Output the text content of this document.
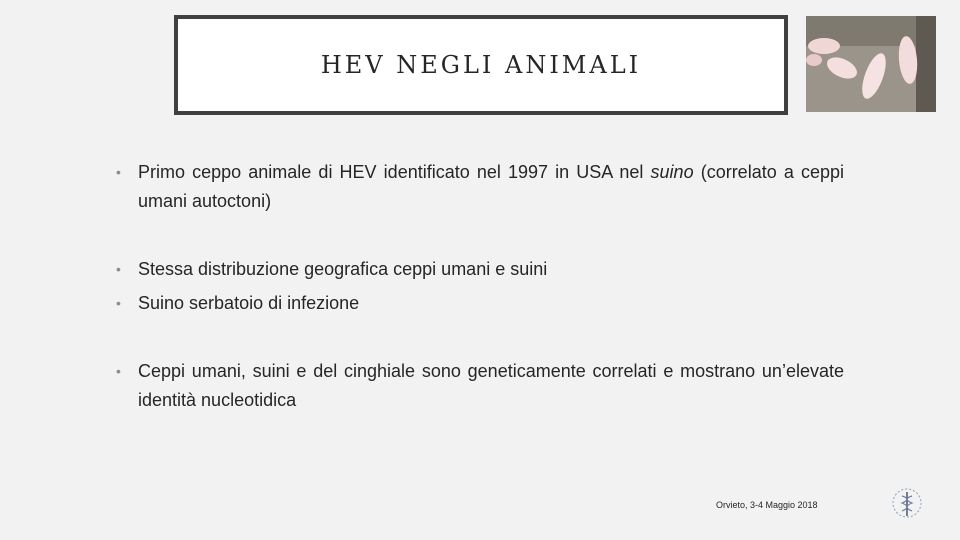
HEV NEGLI ANIMALI
• Primo ceppo animale di HEV identificato nel 1997 in USA nel suino (correlato a ceppi umani autoctoni)
• Stessa distribuzione geografica ceppi umani e suini
• Suino serbatoio di infezione
• Ceppi umani, suini e del cinghiale sono geneticamente correlati e mostrano un’elevate identità nucleotidica
Orvieto, 3-4 Maggio 2018
